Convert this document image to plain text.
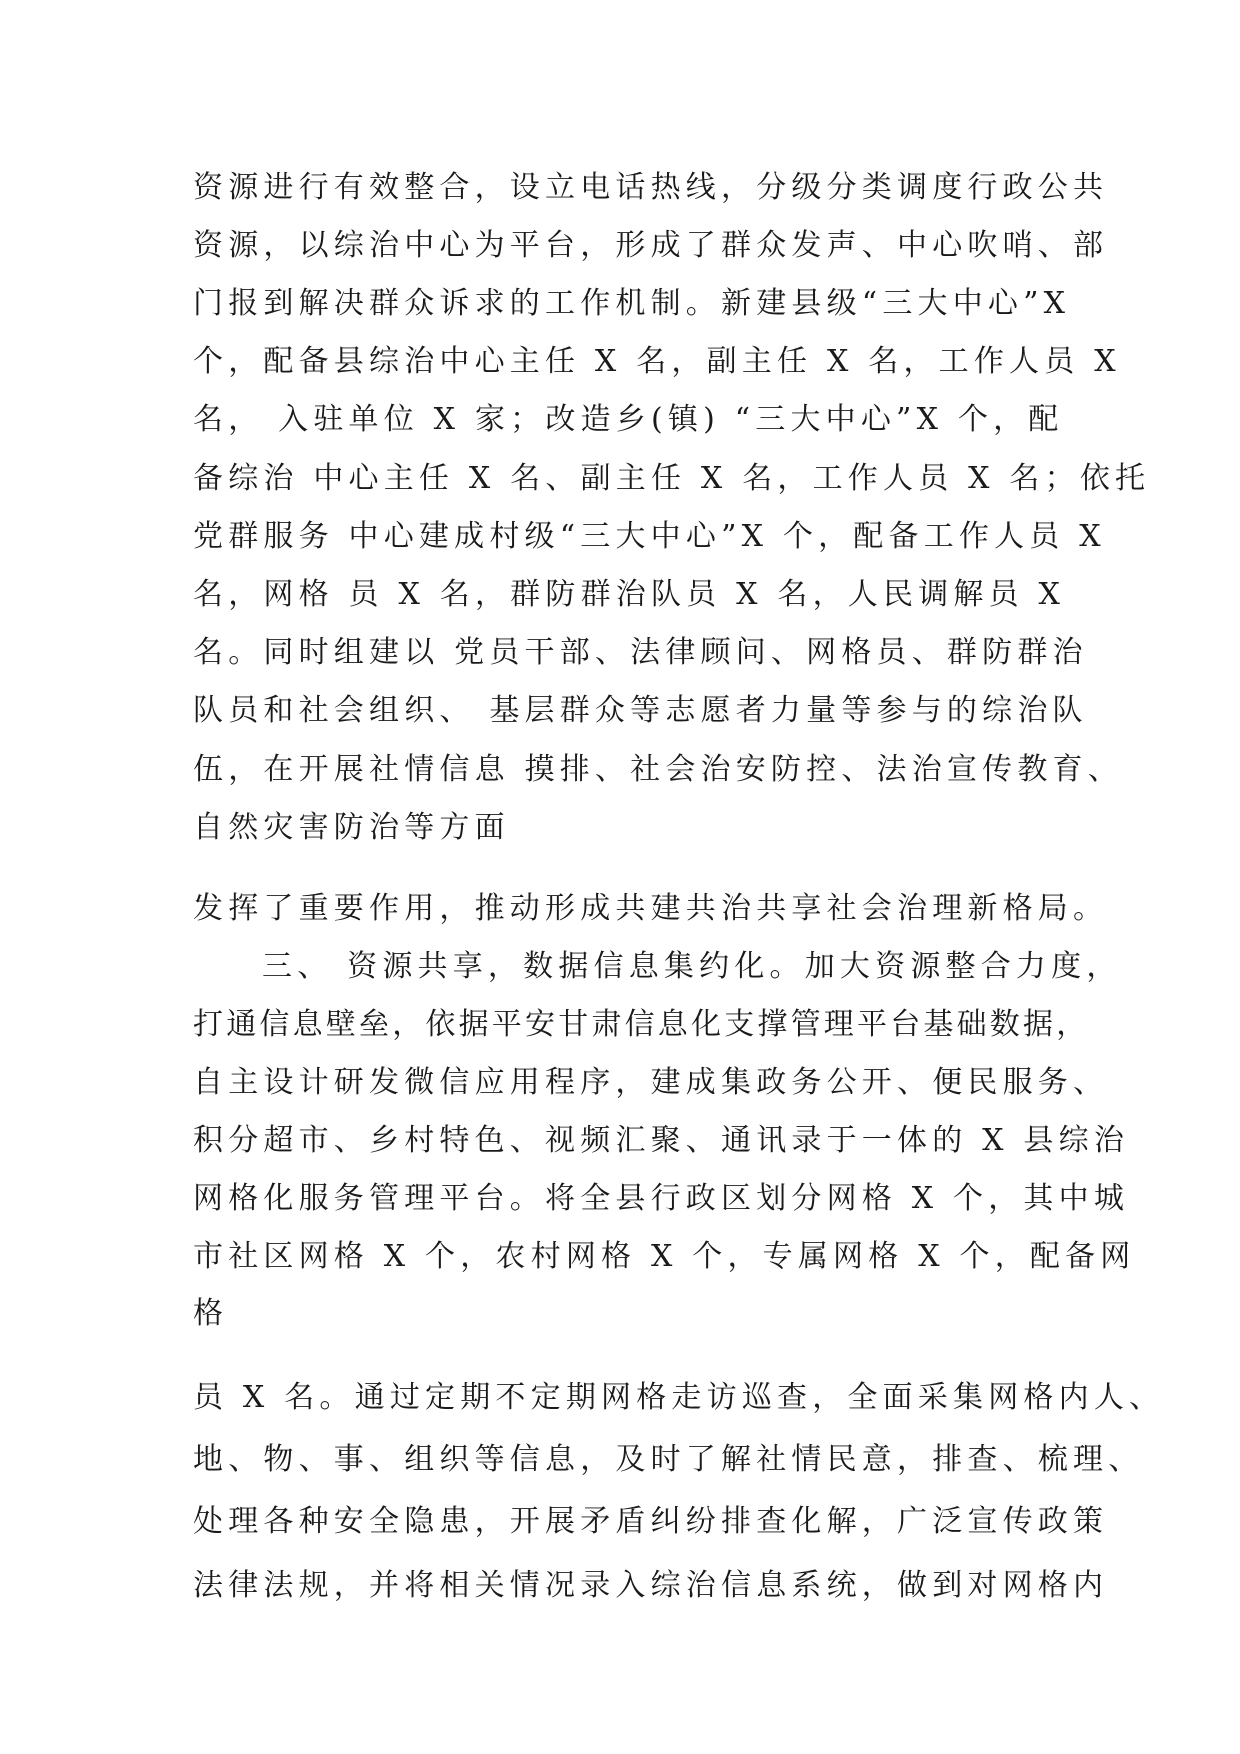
资源进行有效整合，设立电话热线，分级分类调度行政公共

资源，以综治中心为平台，形成了群众发声、中心吹哨、部

门报到解决群众诉求的工作机制。新建县级“三大中心”X

个，配备县综治中心主任 X 名，副主任 X 名，工作人员 X

名， 入驻单位 X 家；改造乡(镇) “三大中心”X 个，配

备综治 中心主任 X 名、副主任 X 名，工作人员 X 名；依托

党群服务 中心建成村级“三大中心”X 个，配备工作人员 X

名，网格 员 X 名，群防群治队员 X 名，人民调解员 X

名。同时组建以 党员干部、法律顾问、网格员、群防群治

队员和社会组织、 基层群众等志愿者力量等参与的综治队

伍，在开展社情信息 摸排、社会治安防控、法治宣传教育、

自然灾害防治等方面

发挥了重要作用，推动形成共建共治共享社会治理新格局。

三、 资源共享，数据信息集约化。加大资源整合力度，

打通信息壁垒，依据平安甘肃信息化支撑管理平台基础数据，

自主设计研发微信应用程序，建成集政务公开、便民服务、

积分超市、乡村特色、视频汇聚、通讯录于一体的 X 县综治

网格化服务管理平台。将全县行政区划分网格 X 个，其中城

市社区网格 X 个，农村网格 X 个，专属网格 X 个，配备网

格

员 X 名。通过定期不定期网格走访巡查，全面采集网格内人、

地、物、事、组织等信息，及时了解社情民意，排查、梳理、

处理各种安全隐患，开展矛盾纠纷排查化解，广泛宣传政策

法律法规，并将相关情况录入综治信息系统，做到对网格内
